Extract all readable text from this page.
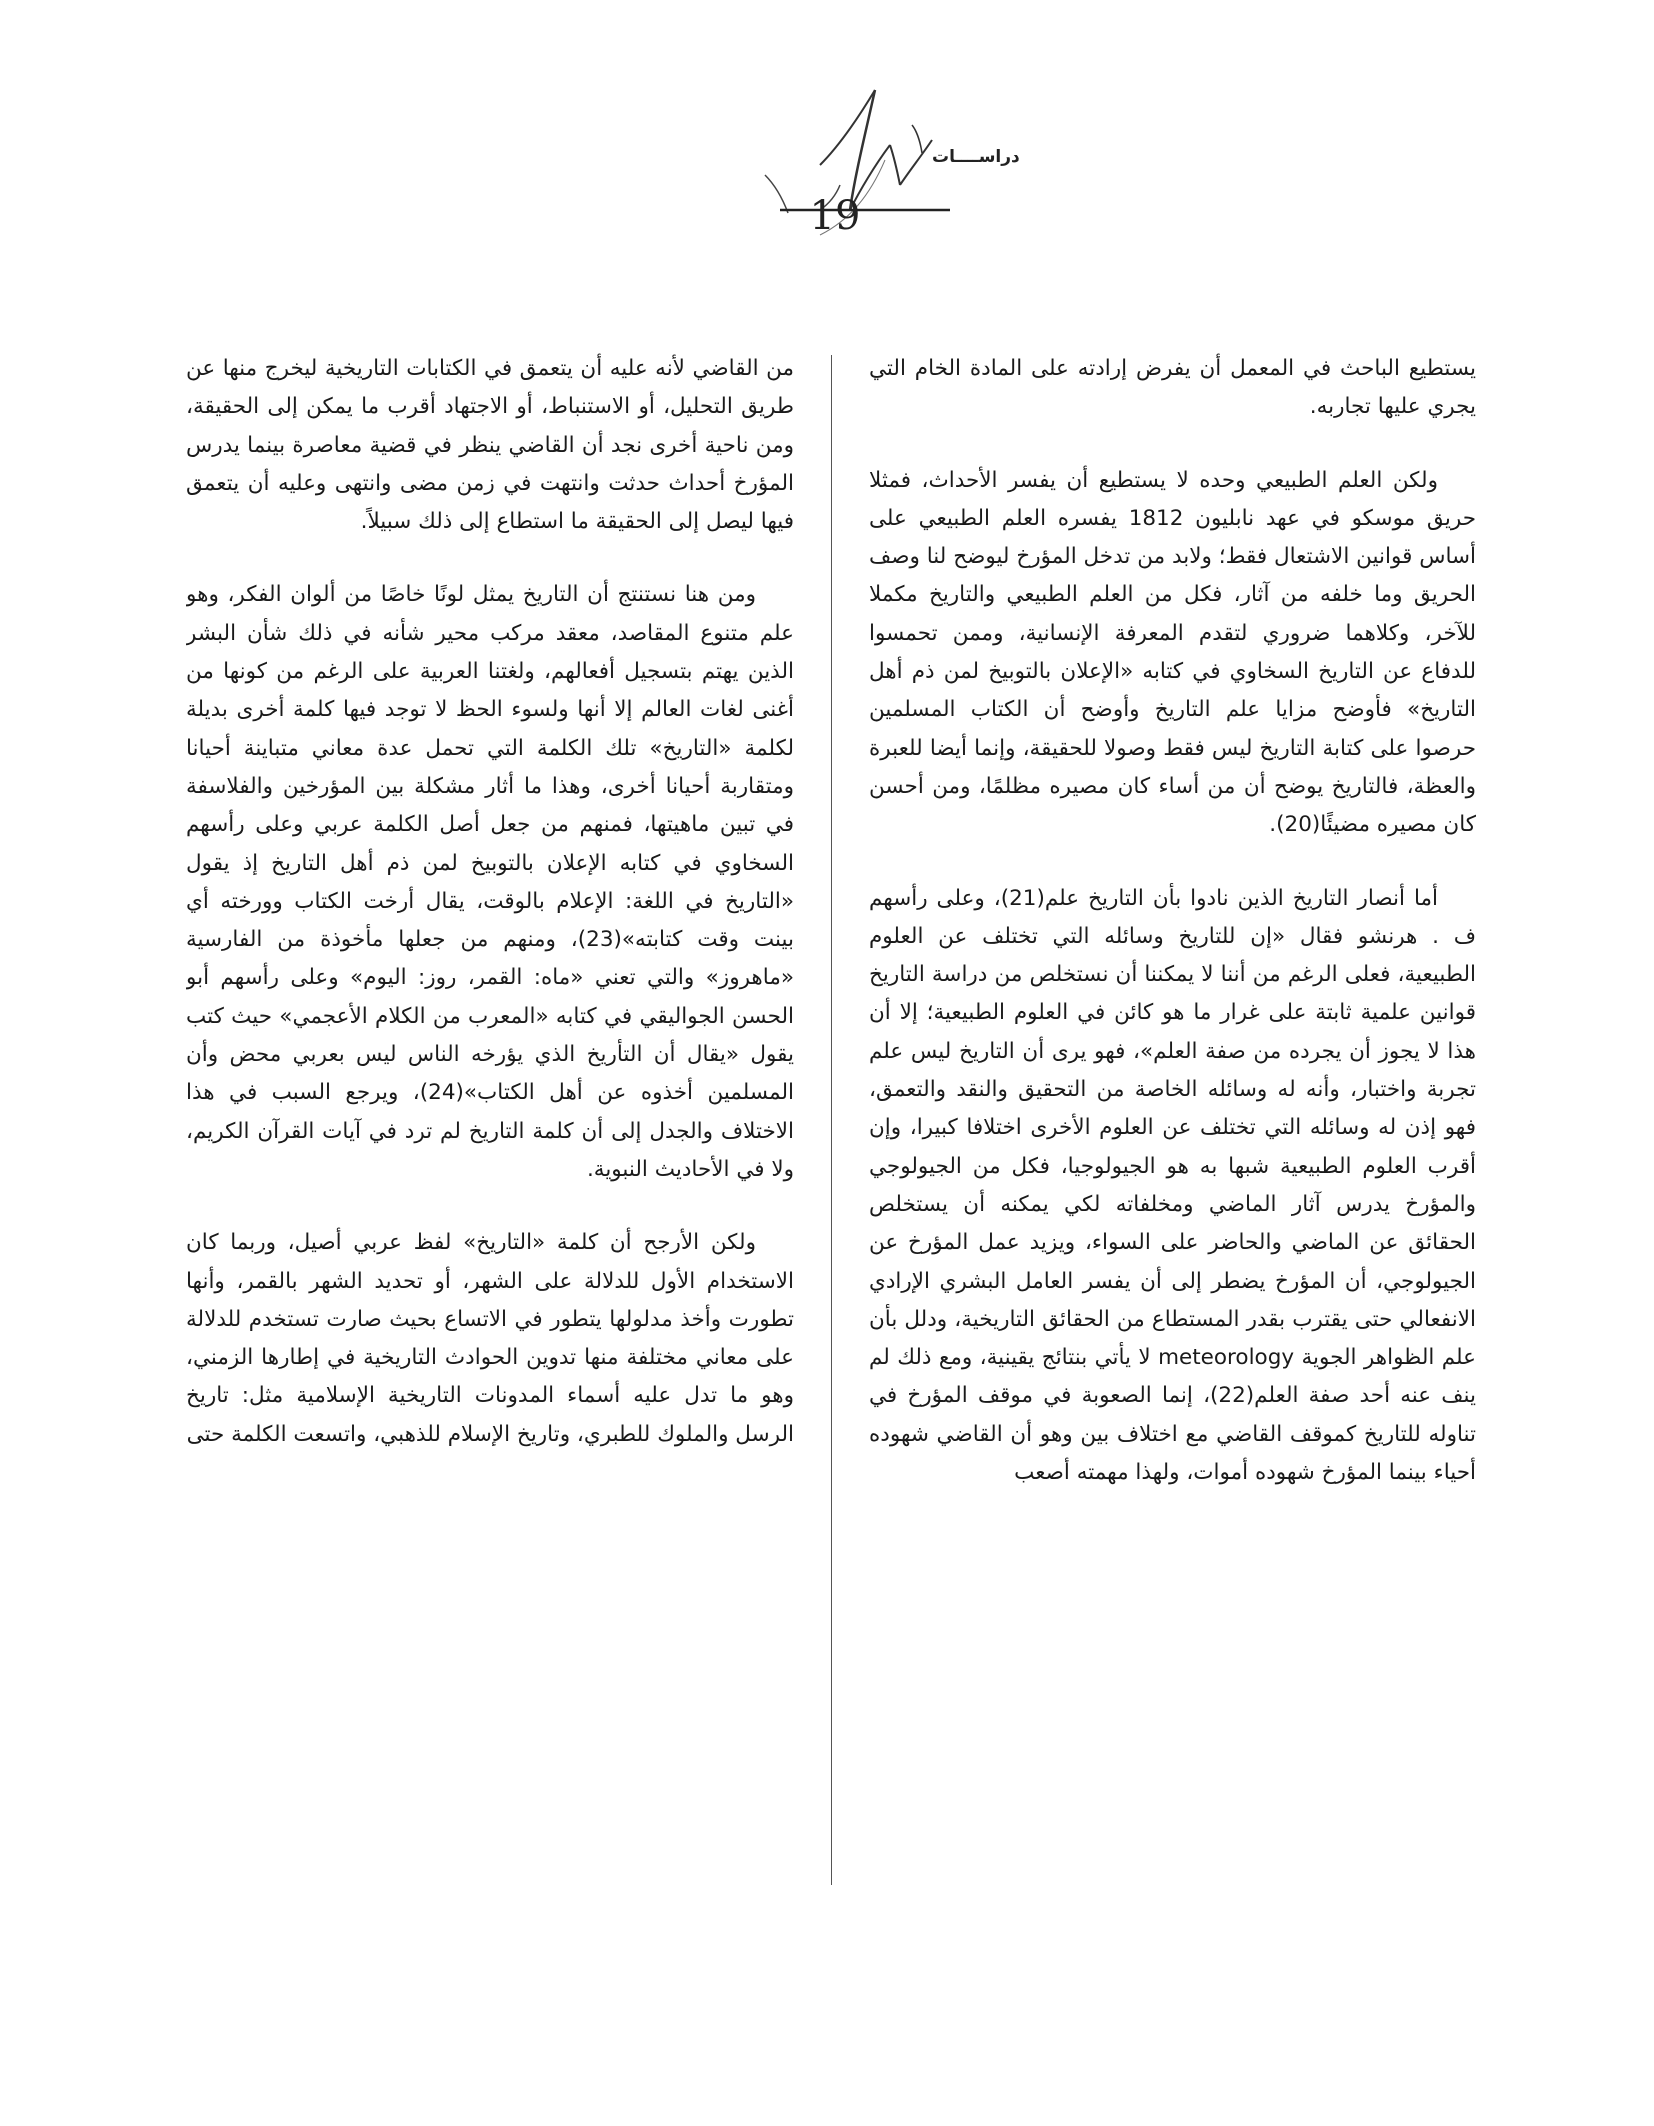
دراســــات
19

يستطيع الباحث في المعمل أن يفرض إرادته على المادة الخام التي يجري عليها تجاربه.

ولكن العلم الطبيعي وحده لا يستطيع أن يفسر الأحداث، فمثلا حريق موسكو في عهد نابليون 1812 يفسره العلم الطبيعي على أساس قوانين الاشتعال فقط؛ ولابد من تدخل المؤرخ ليوضح لنا وصف الحريق وما خلفه من آثار، فكل من العلم الطبيعي والتاريخ مكملا للآخر، وكلاهما ضروري لتقدم المعرفة الإنسانية، وممن تحمسوا للدفاع عن التاريخ السخاوي في كتابه «الإعلان بالتوبيخ لمن ذم أهل التاريخ» فأوضح مزايا علم التاريخ وأوضح أن الكتاب المسلمين حرصوا على كتابة التاريخ ليس فقط وصولا للحقيقة، وإنما أيضا للعبرة والعظة، فالتاريخ يوضح أن من أساء كان مصيره مظلمًا، ومن أحسن كان مصيره مضيئًا(20).

أما أنصار التاريخ الذين نادوا بأن التاريخ علم(21)، وعلى رأسهم ف . هرنشو فقال «إن للتاريخ وسائله التي تختلف عن العلوم الطبيعية، فعلى الرغم من أننا لا يمكننا أن نستخلص من دراسة التاريخ قوانين علمية ثابتة على غرار ما هو كائن في العلوم الطبيعية؛ إلا أن هذا لا يجوز أن يجرده من صفة العلم»، فهو يرى أن التاريخ ليس علم تجربة واختبار، وأنه له وسائله الخاصة من التحقيق والنقد والتعمق، فهو إذن له وسائله التي تختلف عن العلوم الأخرى اختلافا كبيرا، وإن أقرب العلوم الطبيعية شبها به هو الجيولوجيا، فكل من الجيولوجي والمؤرخ يدرس آثار الماضي ومخلفاته لكي يمكنه أن يستخلص الحقائق عن الماضي والحاضر على السواء، ويزيد عمل المؤرخ عن الجيولوجي، أن المؤرخ يضطر إلى أن يفسر العامل البشري الإرادي الانفعالي حتى يقترب بقدر المستطاع من الحقائق التاريخية، ودلل بأن علم الظواهر الجوية meteorology لا يأتي بنتائج يقينية، ومع ذلك لم ينف عنه أحد صفة العلم(22)، إنما الصعوبة في موقف المؤرخ في تناوله للتاريخ كموقف القاضي مع اختلاف بين وهو أن القاضي شهوده أحياء بينما المؤرخ شهوده أموات، ولهذا مهمته أصعب

من القاضي لأنه عليه أن يتعمق في الكتابات التاريخية ليخرج منها عن طريق التحليل، أو الاستنباط، أو الاجتهاد أقرب ما يمكن إلى الحقيقة، ومن ناحية أخرى نجد أن القاضي ينظر في قضية معاصرة بينما يدرس المؤرخ أحداث حدثت وانتهت في زمن مضى وانتهى وعليه أن يتعمق فيها ليصل إلى الحقيقة ما استطاع إلى ذلك سبيلاً.

ومن هنا نستنتج أن التاريخ يمثل لونًا خاصًا من ألوان الفكر، وهو علم متنوع المقاصد، معقد مركب محير شأنه في ذلك شأن البشر الذين يهتم بتسجيل أفعالهم، ولغتنا العربية على الرغم من كونها من أغنى لغات العالم إلا أنها ولسوء الحظ لا توجد فيها كلمة أخرى بديلة لكلمة «التاريخ» تلك الكلمة التي تحمل عدة معاني متباينة أحيانا ومتقاربة أحيانا أخرى، وهذا ما أثار مشكلة بين المؤرخين والفلاسفة في تبين ماهيتها، فمنهم من جعل أصل الكلمة عربي وعلى رأسهم السخاوي في كتابه الإعلان بالتوبيخ لمن ذم أهل التاريخ إذ يقول «التاريخ في اللغة: الإعلام بالوقت، يقال أرخت الكتاب وورخته أي بينت وقت كتابته»(23)، ومنهم من جعلها مأخوذة من الفارسية «ماهروز» والتي تعني «ماه: القمر، روز: اليوم» وعلى رأسهم أبو الحسن الجواليقي في كتابه «المعرب من الكلام الأعجمي» حيث كتب يقول «يقال أن التأريخ الذي يؤرخه الناس ليس بعربي محض وأن المسلمين أخذوه عن أهل الكتاب»(24)، ويرجع السبب في هذا الاختلاف والجدل إلى أن كلمة التاريخ لم ترد في آيات القرآن الكريم، ولا في الأحاديث النبوية.

ولكن الأرجح أن كلمة «التاريخ» لفظ عربي أصيل، وربما كان الاستخدام الأول للدلالة على الشهر، أو تحديد الشهر بالقمر، وأنها تطورت وأخذ مدلولها يتطور في الاتساع بحيث صارت تستخدم للدلالة على معاني مختلفة منها تدوين الحوادث التاريخية في إطارها الزمني، وهو ما تدل عليه أسماء المدونات التاريخية الإسلامية مثل: تاريخ الرسل والملوك للطبري، وتاريخ الإسلام للذهبي، واتسعت الكلمة حتى
